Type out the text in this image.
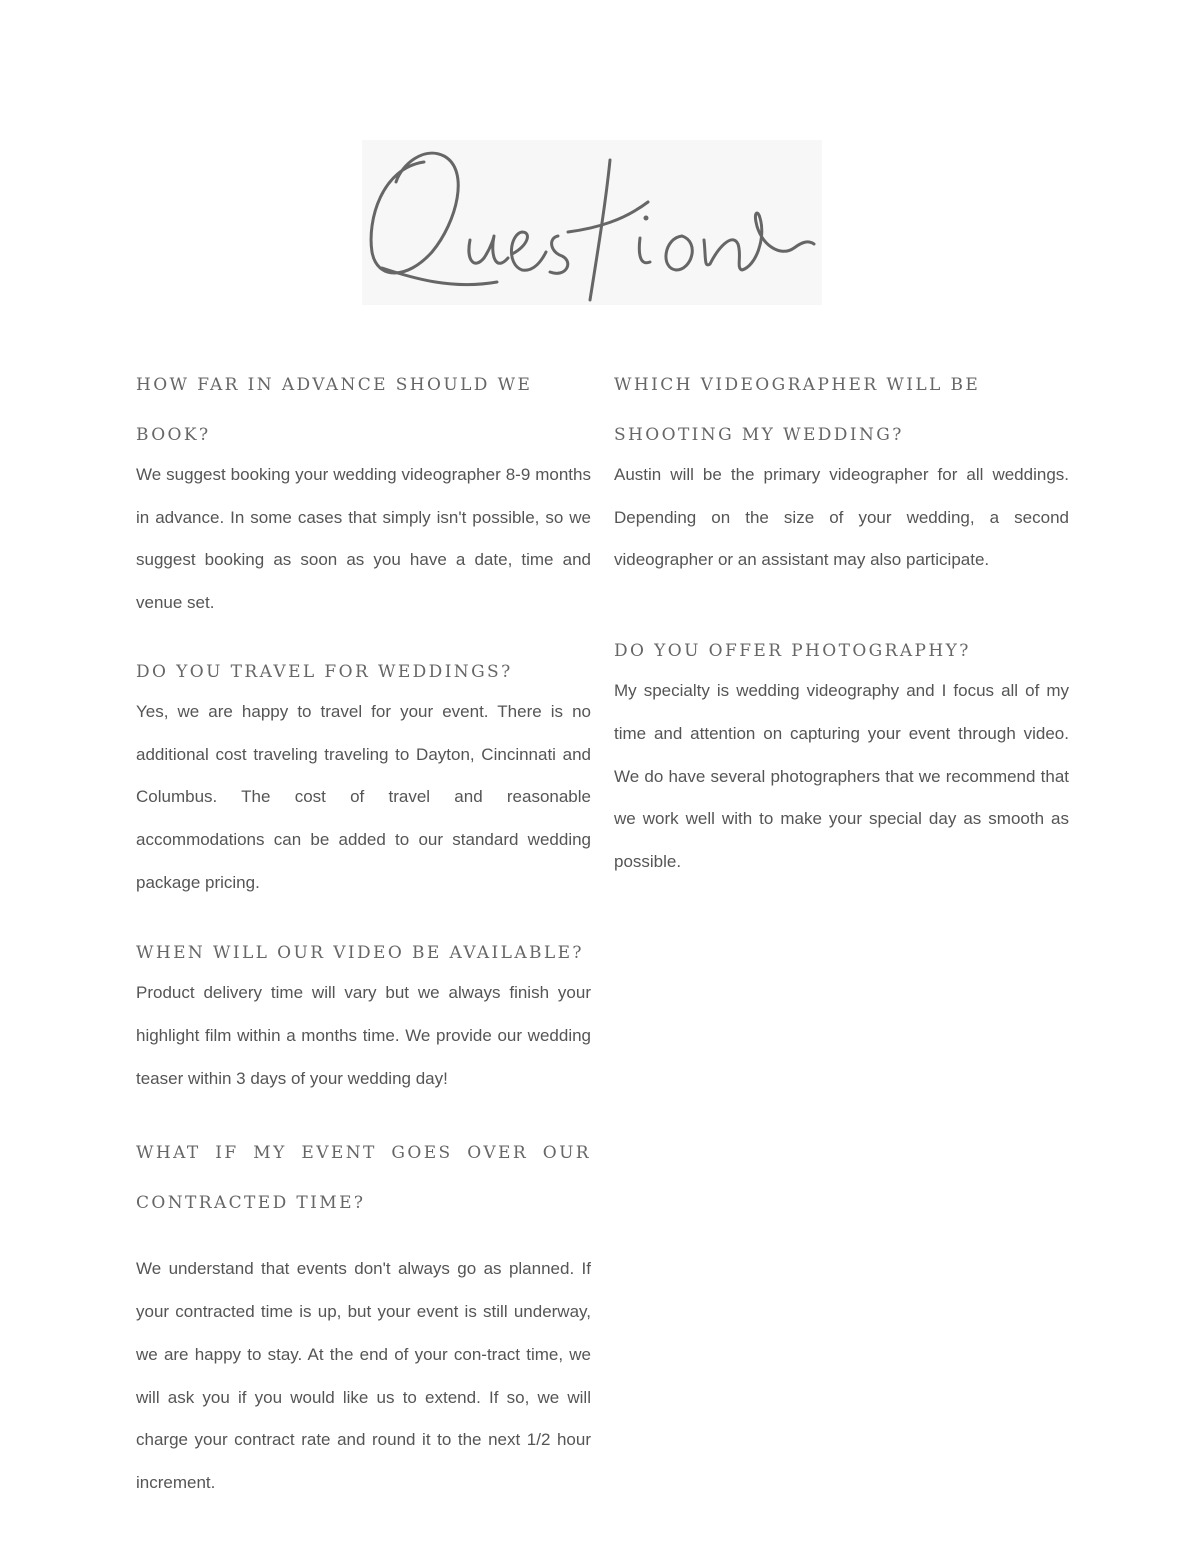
HOW FAR IN ADVANCE SHOULD WE BOOK?

We suggest booking your wedding videographer 8-9 months in advance. In some cases that simply isn't possible, so we suggest booking as soon as you have a date, time and venue set.

DO YOU TRAVEL FOR WEDDINGS?

Yes, we are happy to travel for your event. There is no additional cost traveling traveling to Dayton, Cincinnati and Columbus. The cost of travel and reasonable accommodations can be added to our standard wedding package pricing.

WHEN WILL OUR VIDEO BE AVAILABLE?

Product delivery time will vary but we always finish your highlight film within a months time. We provide our wedding teaser within 3 days of your wedding day!

WHAT IF MY EVENT GOES OVER OUR CONTRACTED TIME?

We understand that events don't always go as planned. If your contracted time is up, but your event is still underway, we are happy to stay. At the end of your con-tract time, we will ask you if you would like us to extend. If so, we will charge your contract rate and round it to the next 1/2 hour increment.

WHICH VIDEOGRAPHER WILL BE SHOOTING MY WEDDING?

Austin will be the primary videographer for all weddings. Depending on the size of your wedding, a second videographer or an assistant may also participate.

DO YOU OFFER PHOTOGRAPHY?

My specialty is wedding videography and I focus all of my time and attention on capturing your event through video. We do have several photographers that we recommend that we work well with to make your special day as smooth as possible.
